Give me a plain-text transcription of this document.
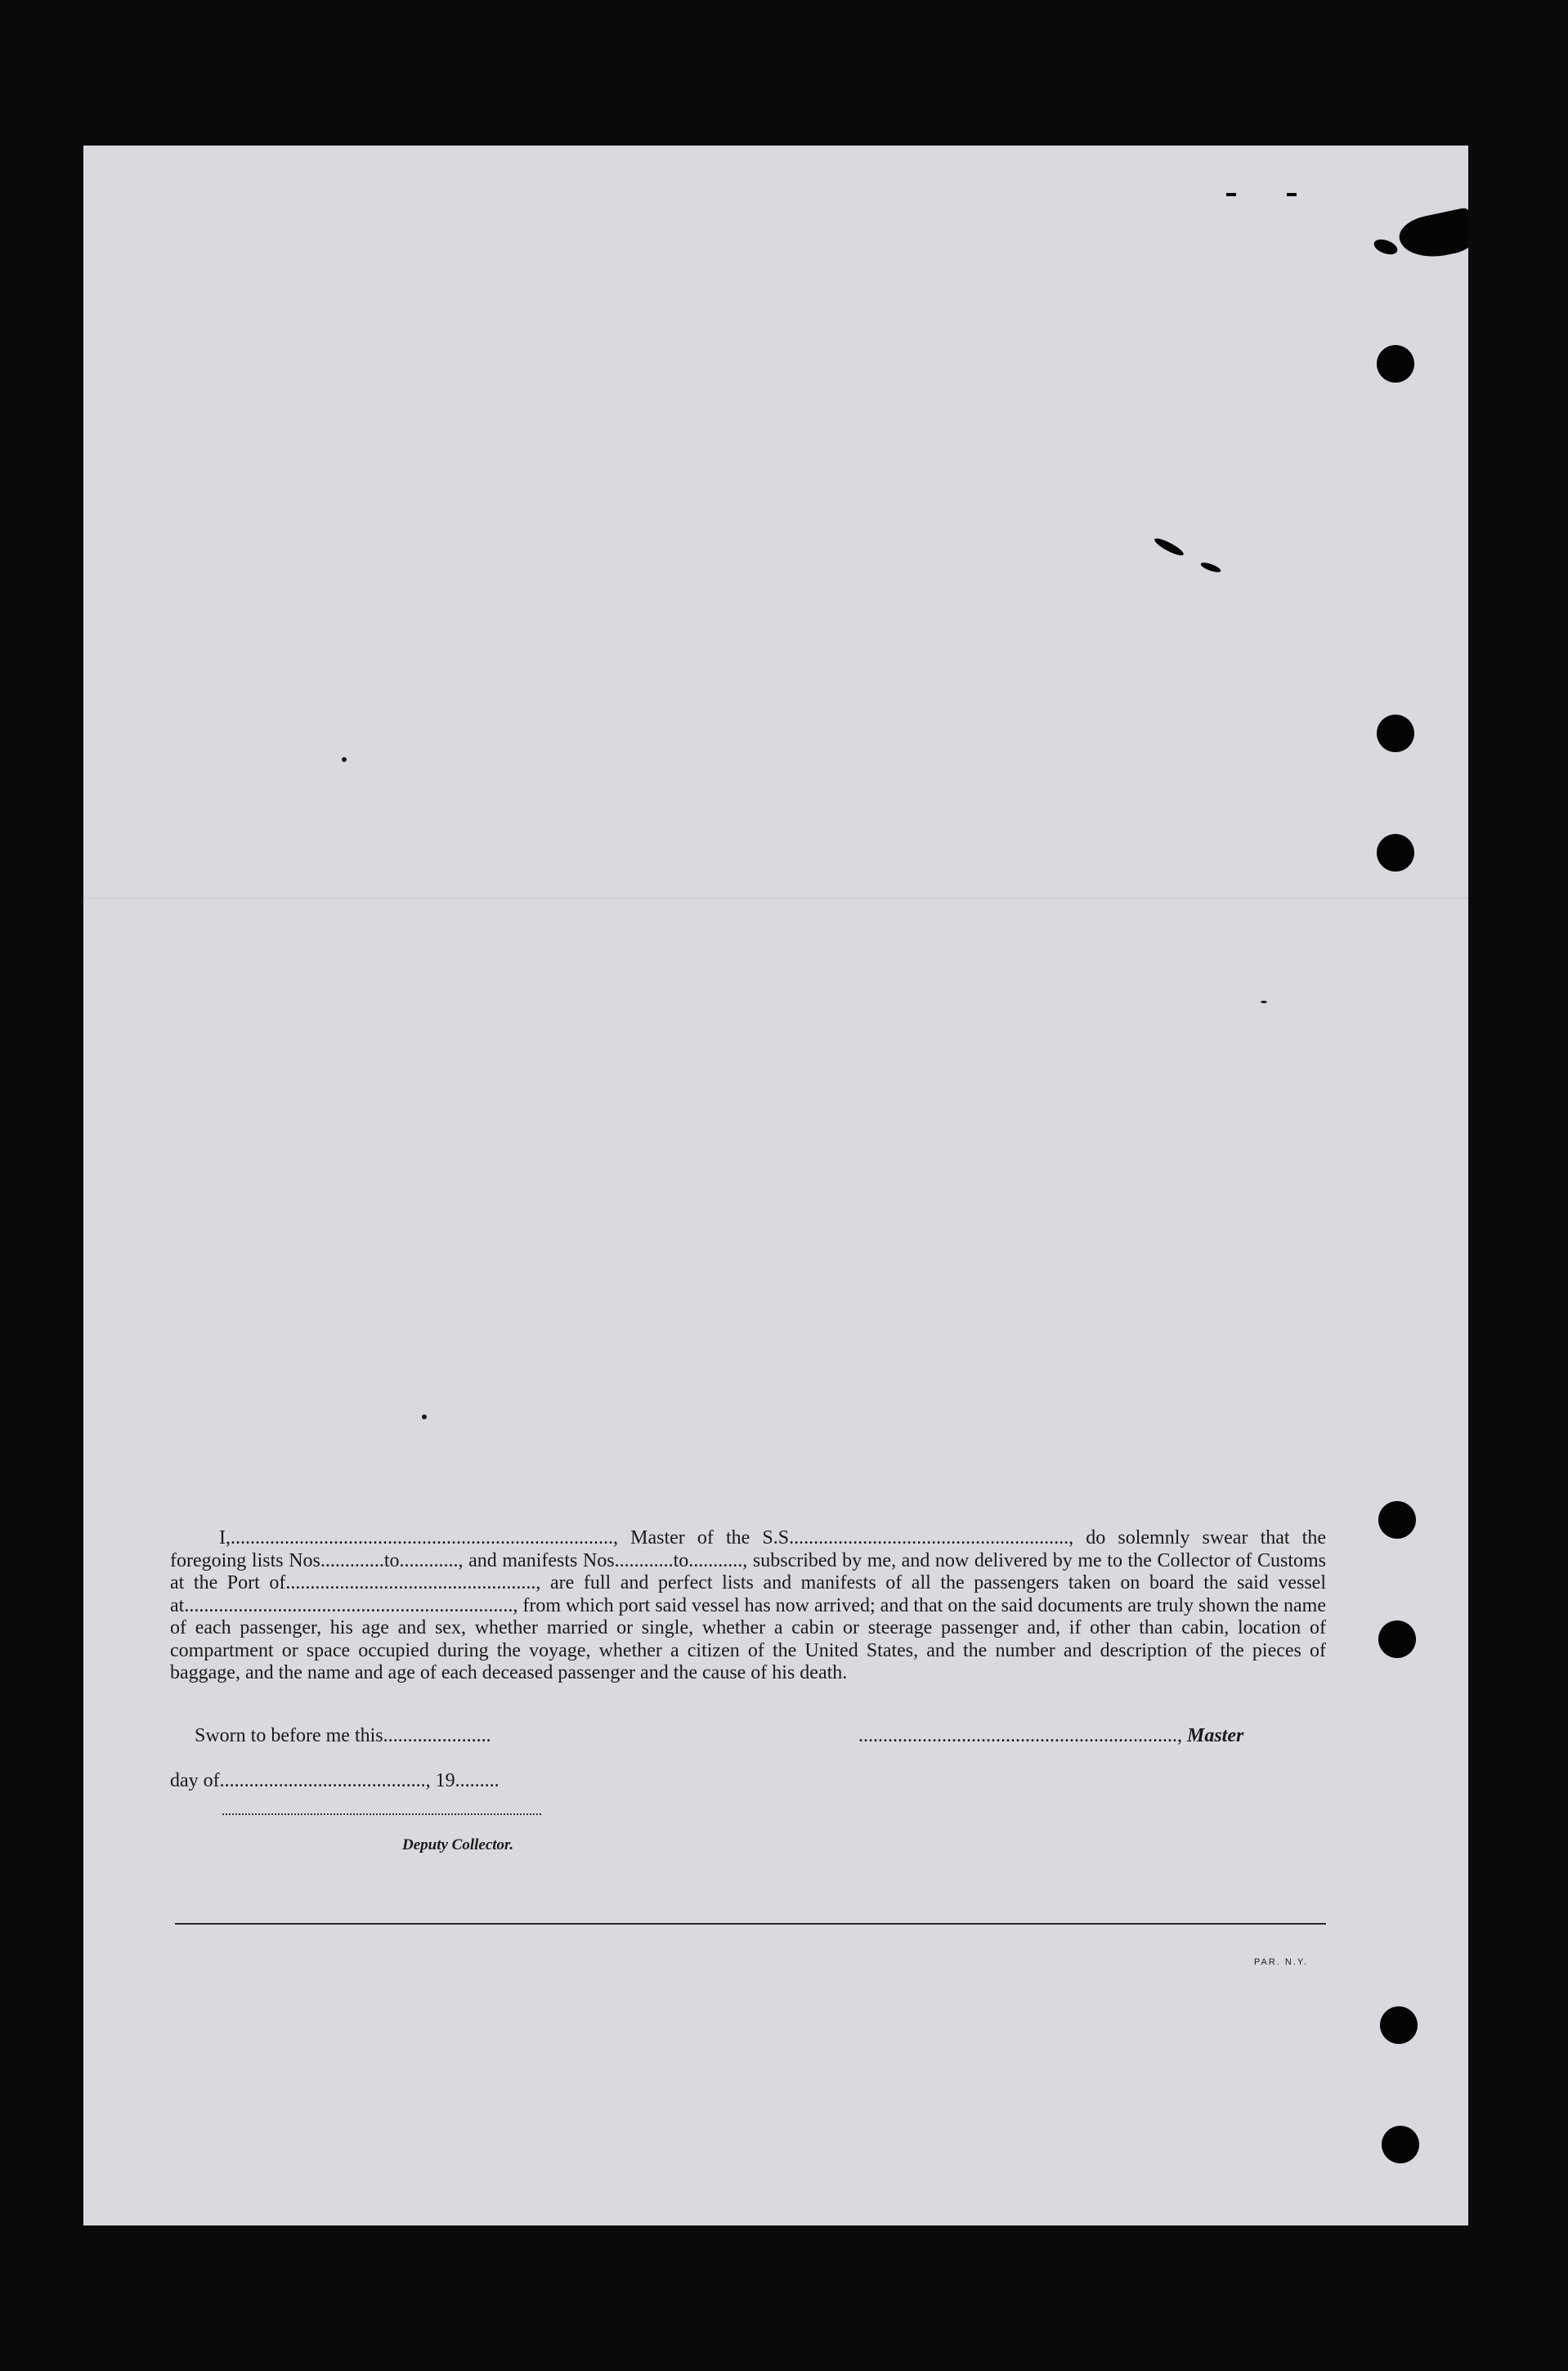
I,.............................................................................., Master of the S.S........................................................., do solemnly swear that the foregoing lists Nos.............to............, and manifests Nos............to..........., subscribed by me, and now delivered by me to the Collector of Customs at the Port of..................................................., are full and perfect lists and manifests of all the passengers taken on board the said vessel at..................................................................., from which port said vessel has now arrived; and that on the said documents are truly shown the name of each passenger, his age and sex, whether married or single, whether a cabin or steerage passenger and, if other than cabin, location of compartment or space occupied during the voyage, whether a citizen of the United States, and the number and description of the pieces of baggage, and the name and age of each deceased passenger and the cause of his death.

Sworn to before me this......................
day of.........................................., 19.........
................................................................., Master
Deputy Collector.
PAR. N.Y.
